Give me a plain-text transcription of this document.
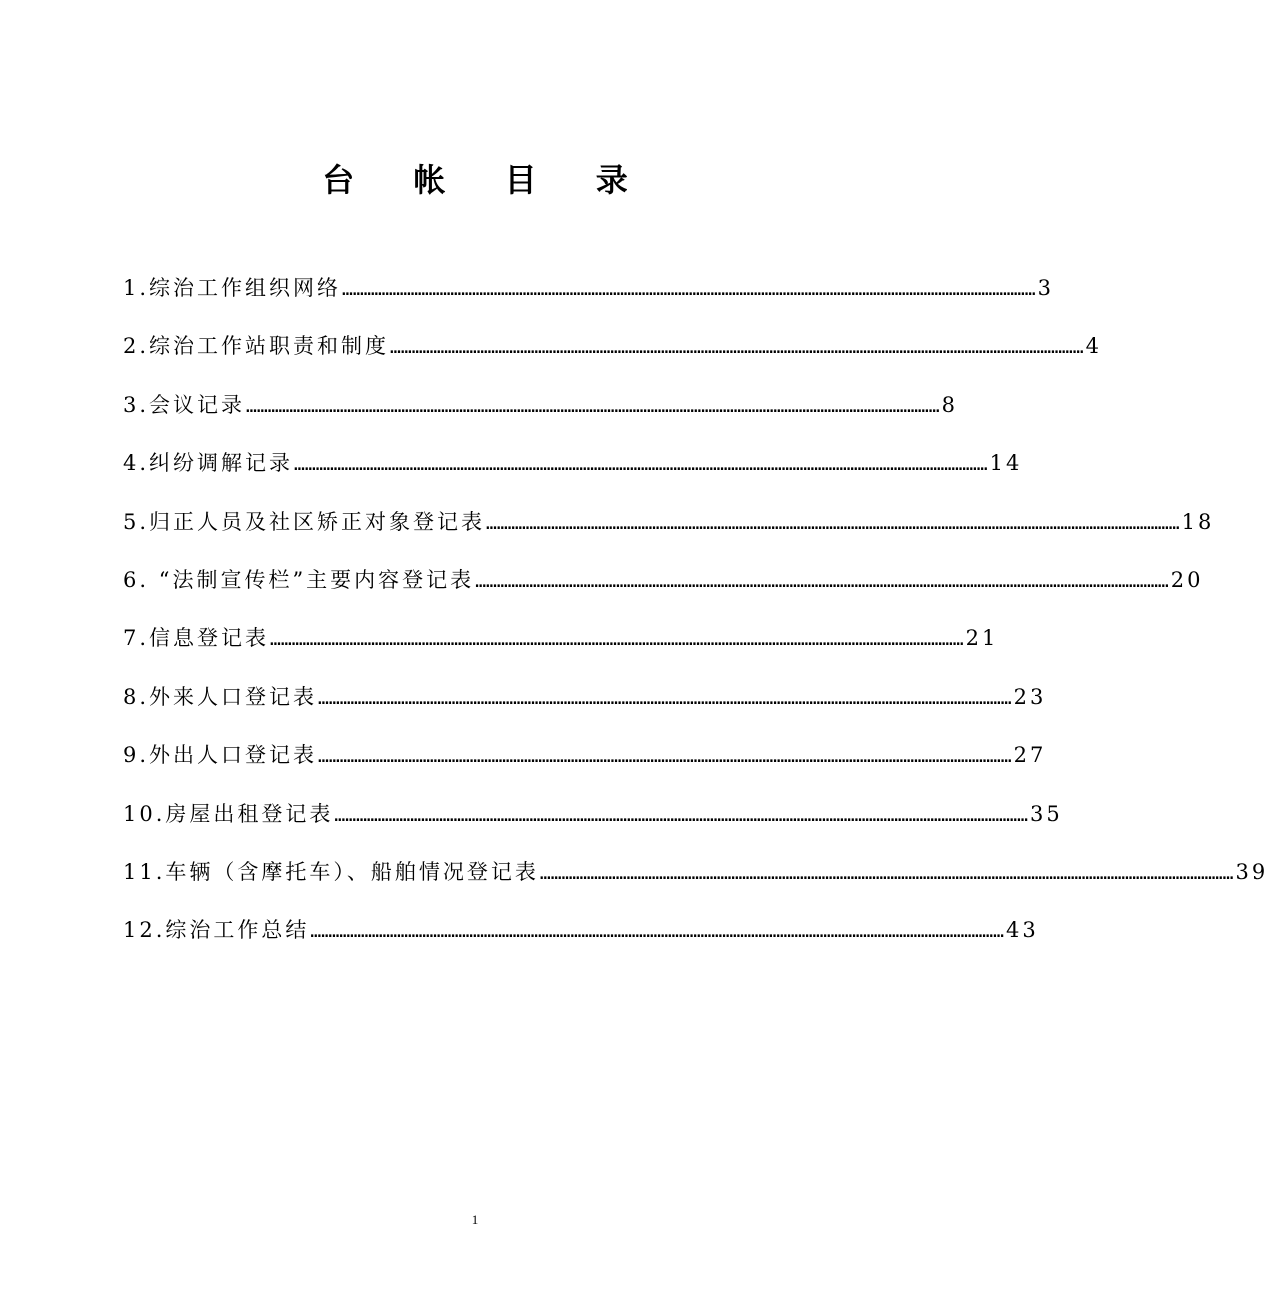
台 帐 目 录
1.综治工作组织网络 …………………………………………………………………………………………………………………………………………………………………………	3
2.综治工作站职责和制度 …………………………………………………………………………………………………………………………………………………………………………	4
3.会议记录 …………………………………………………………………………………………………………………………………………………………………………	8
4.纠纷调解记录 …………………………………………………………………………………………………………………………………………………………………………	14
5.归正人员及社区矫正对象登记表 …………………………………………………………………………………………………………………………………………………………………………	18
6. “法制宣传栏”主要内容登记表 …………………………………………………………………………………………………………………………………………………………………………	20
7.信息登记表 …………………………………………………………………………………………………………………………………………………………………………	21
8.外来人口登记表 …………………………………………………………………………………………………………………………………………………………………………	23
9.外出人口登记表 …………………………………………………………………………………………………………………………………………………………………………	27
10.房屋出租登记表 …………………………………………………………………………………………………………………………………………………………………………	35
11.车辆（含摩托车）、船舶情况登记表 …………………………………………………………………………………………………………………………………………………………………………	39
12.综治工作总结 …………………………………………………………………………………………………………………………………………………………………………	43
1
